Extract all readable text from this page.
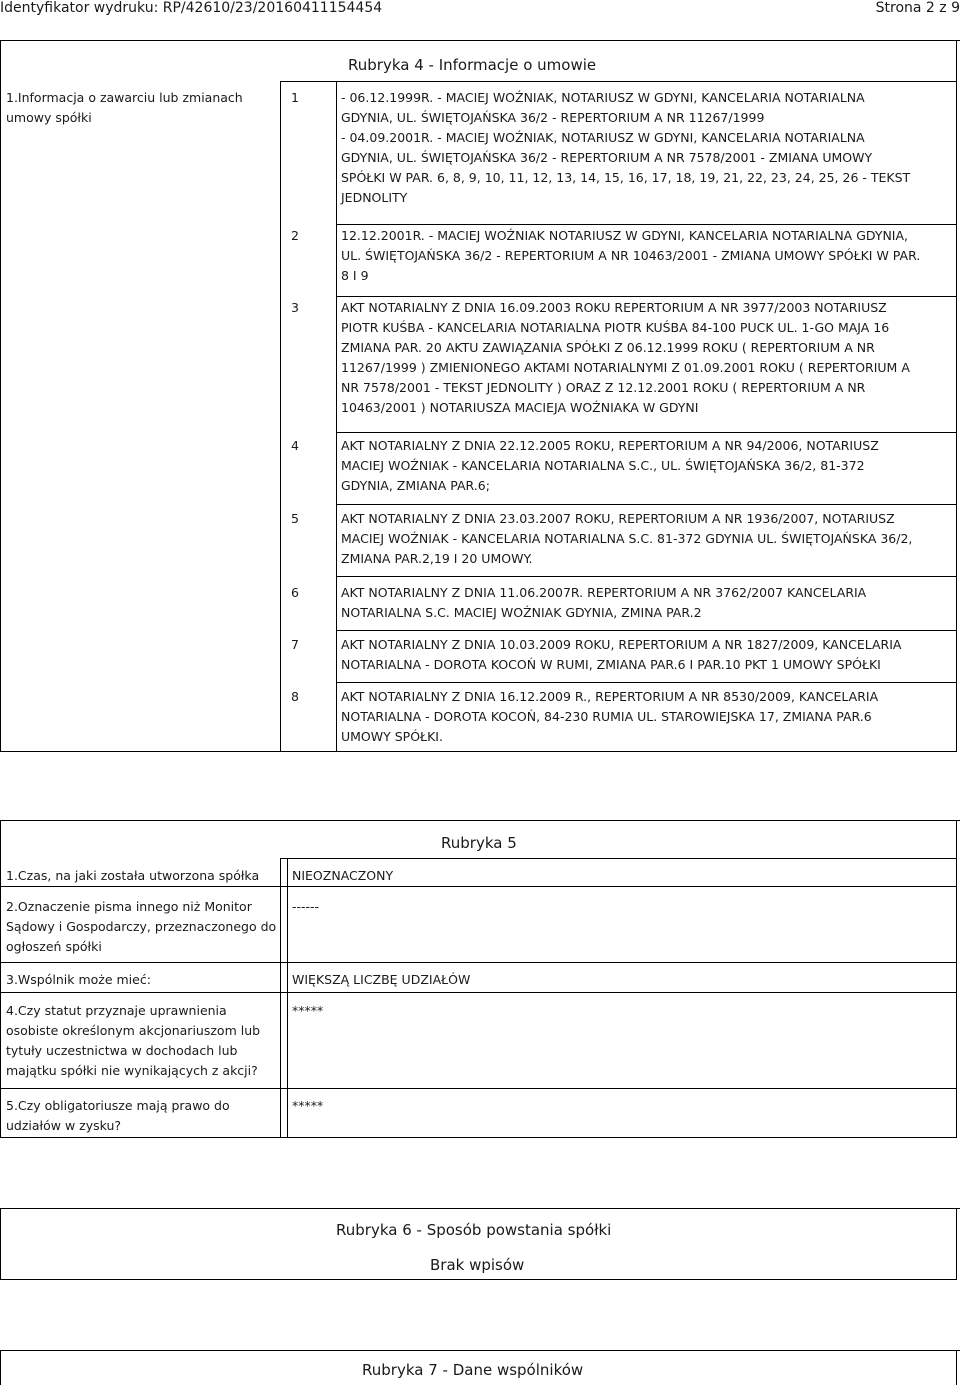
Identyfikator wydruku: RP/42610/23/20160411154454	Strona 2 z 9
Rubryka 4 - Informacje o umowie
1.Informacja o zawarciu lub zmianach
umowy spółki
1	- 06.12.1999R. - MACIEJ WOŹNIAK, NOTARIUSZ W GDYNI, KANCELARIA NOTARIALNA
GDYNIA, UL. ŚWIĘTOJAŃSKA 36/2 - REPERTORIUM A NR 11267/1999
- 04.09.2001R. - MACIEJ WOŹNIAK, NOTARIUSZ W GDYNI, KANCELARIA NOTARIALNA
GDYNIA, UL. ŚWIĘTOJAŃSKA 36/2 - REPERTORIUM A NR 7578/2001 - ZMIANA UMOWY
SPÓŁKI W PAR. 6, 8, 9, 10, 11, 12, 13, 14, 15, 16, 17, 18, 19, 21, 22, 23, 24, 25, 26 - TEKST
JEDNOLITY
2	12.12.2001R. - MACIEJ WOŹNIAK NOTARIUSZ W GDYNI, KANCELARIA NOTARIALNA GDYNIA,
UL. ŚWIĘTOJAŃSKA 36/2 - REPERTORIUM A NR 10463/2001 - ZMIANA UMOWY SPÓŁKI W PAR.
8 I 9
3	AKT NOTARIALNY Z DNIA 16.09.2003 ROKU REPERTORIUM A NR 3977/2003 NOTARIUSZ
PIOTR KUŚBA - KANCELARIA NOTARIALNA PIOTR KUŚBA 84-100 PUCK UL. 1-GO MAJA 16
ZMIANA PAR. 20 AKTU ZAWIĄZANIA SPÓŁKI Z 06.12.1999 ROKU ( REPERTORIUM A NR
11267/1999 ) ZMIENIONEGO AKTAMI NOTARIALNYMI Z 01.09.2001 ROKU ( REPERTORIUM A
NR 7578/2001 - TEKST JEDNOLITY ) ORAZ Z 12.12.2001 ROKU ( REPERTORIUM A NR
10463/2001 ) NOTARIUSZA MACIEJA WOŹNIAKA W GDYNI
4	AKT NOTARIALNY Z DNIA 22.12.2005 ROKU, REPERTORIUM A NR 94/2006, NOTARIUSZ
MACIEJ WOŹNIAK - KANCELARIA NOTARIALNA S.C., UL. ŚWIĘTOJAŃSKA 36/2, 81-372
GDYNIA, ZMIANA PAR.6;
5	AKT NOTARIALNY Z DNIA 23.03.2007 ROKU, REPERTORIUM A NR 1936/2007, NOTARIUSZ
MACIEJ WOŹNIAK - KANCELARIA NOTARIALNA S.C. 81-372 GDYNIA UL. ŚWIĘTOJAŃSKA 36/2,
ZMIANA PAR.2,19 I 20 UMOWY.
6	AKT NOTARIALNY Z DNIA 11.06.2007R. REPERTORIUM A NR 3762/2007 KANCELARIA
NOTARIALNA S.C. MACIEJ WOŹNIAK GDYNIA, ZMINA PAR.2
7	AKT NOTARIALNY Z DNIA 10.03.2009 ROKU, REPERTORIUM A NR 1827/2009, KANCELARIA
NOTARIALNA - DOROTA KOCOŃ W RUMI, ZMIANA PAR.6 I PAR.10 PKT 1 UMOWY SPÓŁKI
8	AKT NOTARIALNY Z DNIA 16.12.2009 R., REPERTORIUM A NR 8530/2009, KANCELARIA
NOTARIALNA - DOROTA KOCOŃ, 84-230 RUMIA UL. STAROWIEJSKA 17, ZMIANA PAR.6
UMOWY SPÓŁKI.
Rubryka 5
1.Czas, na jaki została utworzona spółka	NIEOZNACZONY
2.Oznaczenie pisma innego niż Monitor
Sądowy i Gospodarczy, przeznaczonego do
ogłoszeń spółki
------
3.Wspólnik może mieć:	WIĘKSZĄ LICZBĘ UDZIAŁÓW
4.Czy statut przyznaje uprawnienia
osobiste określonym akcjonariuszom lub
tytuły uczestnictwa w dochodach lub
majątku spółki nie wynikających z akcji?
*****
5.Czy obligatoriusze mają prawo do
udziałów w zysku?
*****
Rubryka 6 - Sposób powstania spółki
Brak wpisów
Rubryka 7 - Dane wspólników
